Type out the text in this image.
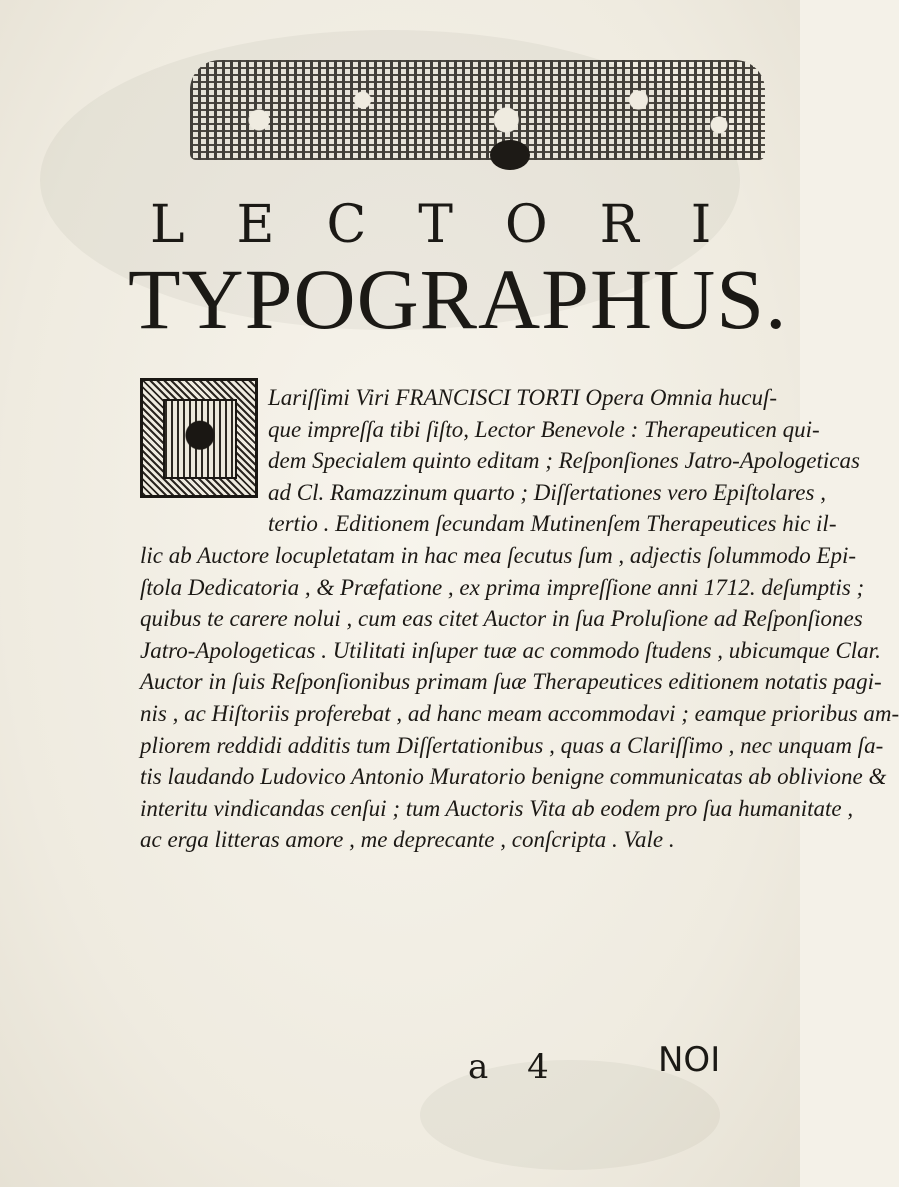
LECTORI
TYPOGRAPHUS.
Lariſſimi Viri FRANCISCI TORTI Opera Omnia hucuſ-
que impreſſa tibi ſiſto, Lector Benevole : Therapeuticen qui-
dem Specialem quinto editam ; Reſponſiones Jatro-Apologeticas
ad Cl. Ramazzinum quarto ; Diſſertationes vero Epiſtolares ,
tertio . Editionem ſecundam Mutinenſem Therapeutices hic il-
lic ab Auctore locupletatam in hac mea ſecutus ſum , adjectis ſolummodo Epi-
ſtola Dedicatoria , & Præfatione , ex prima impreſſione anni 1712. deſumptis ;
quibus te carere nolui , cum eas citet Auctor in ſua Proluſione ad Reſponſiones
Jatro-Apologeticas . Utilitati inſuper tuæ ac commodo ſtudens , ubicumque Clar.
Auctor in ſuis Reſponſionibus primam ſuæ Therapeutices editionem notatis pagi-
nis , ac Hiſtoriis proferebat , ad hanc meam accommodavi ; eamque prioribus am-
pliorem reddidi additis tum Diſſertationibus , quas a Clariſſimo , nec unquam ſa-
tis laudando Ludovico Antonio Muratorio benigne communicatas ab oblivione &
interitu vindicandas cenſui ; tum Auctoris Vita ab eodem pro ſua humanitate ,
ac erga litteras amore , me deprecante , conſcripta . Vale .

a 4	NOI
